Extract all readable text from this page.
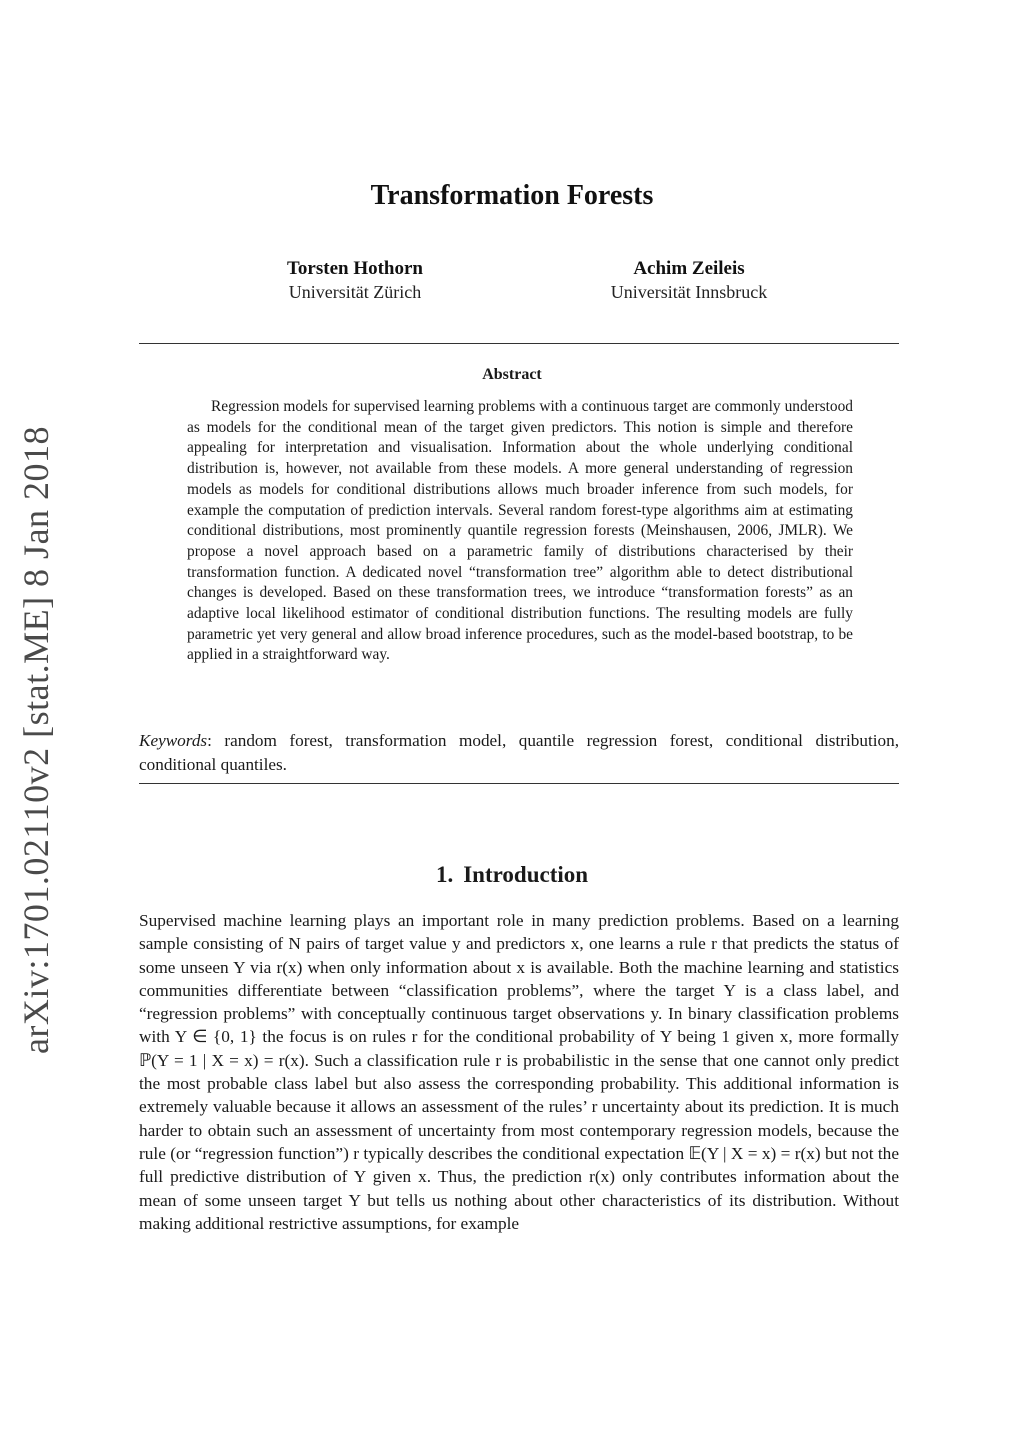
arXiv:1701.02110v2 [stat.ME] 8 Jan 2018
Transformation Forests
Torsten Hothorn
Universität Zürich
Achim Zeileis
Universität Innsbruck
Abstract

Regression models for supervised learning problems with a continuous target are commonly understood as models for the conditional mean of the target given predictors. This notion is simple and therefore appealing for interpretation and visualisation. Information about the whole underlying conditional distribution is, however, not available from these models. A more general understanding of regression models as models for conditional distributions allows much broader inference from such models, for example the computation of prediction intervals. Several random forest-type algorithms aim at estimating conditional distributions, most prominently quantile regression forests (Meinshausen, 2006, JMLR). We propose a novel approach based on a parametric family of distributions characterised by their transformation function. A dedicated novel “transformation tree” algorithm able to detect distributional changes is developed. Based on these transformation trees, we introduce “transformation forests” as an adaptive local likelihood estimator of conditional distribution functions. The resulting models are fully parametric yet very general and allow broad inference procedures, such as the model-based bootstrap, to be applied in a straightforward way.

Keywords: random forest, transformation model, quantile regression forest, conditional distribution, conditional quantiles.

1. Introduction

Supervised machine learning plays an important role in many prediction problems. Based on a learning sample consisting of N pairs of target value y and predictors x, one learns a rule r that predicts the status of some unseen Y via r(x) when only information about x is available. Both the machine learning and statistics communities differentiate between “classification problems”, where the target Y is a class label, and “regression problems” with conceptually continuous target observations y. In binary classification problems with Y ∈ {0, 1} the focus is on rules r for the conditional probability of Y being 1 given x, more formally ℙ(Y = 1 | X = x) = r(x). Such a classification rule r is probabilistic in the sense that one cannot only predict the most probable class label but also assess the corresponding probability. This additional information is extremely valuable because it allows an assessment of the rules’ r uncertainty about its prediction. It is much harder to obtain such an assessment of uncertainty from most contemporary regression models, because the rule (or “regression function”) r typically describes the conditional expectation 𝔼(Y | X = x) = r(x) but not the full predictive distribution of Y given x. Thus, the prediction r(x) only contributes information about the mean of some unseen target Y but tells us nothing about other characteristics of its distribution. Without making additional restrictive assumptions, for example
